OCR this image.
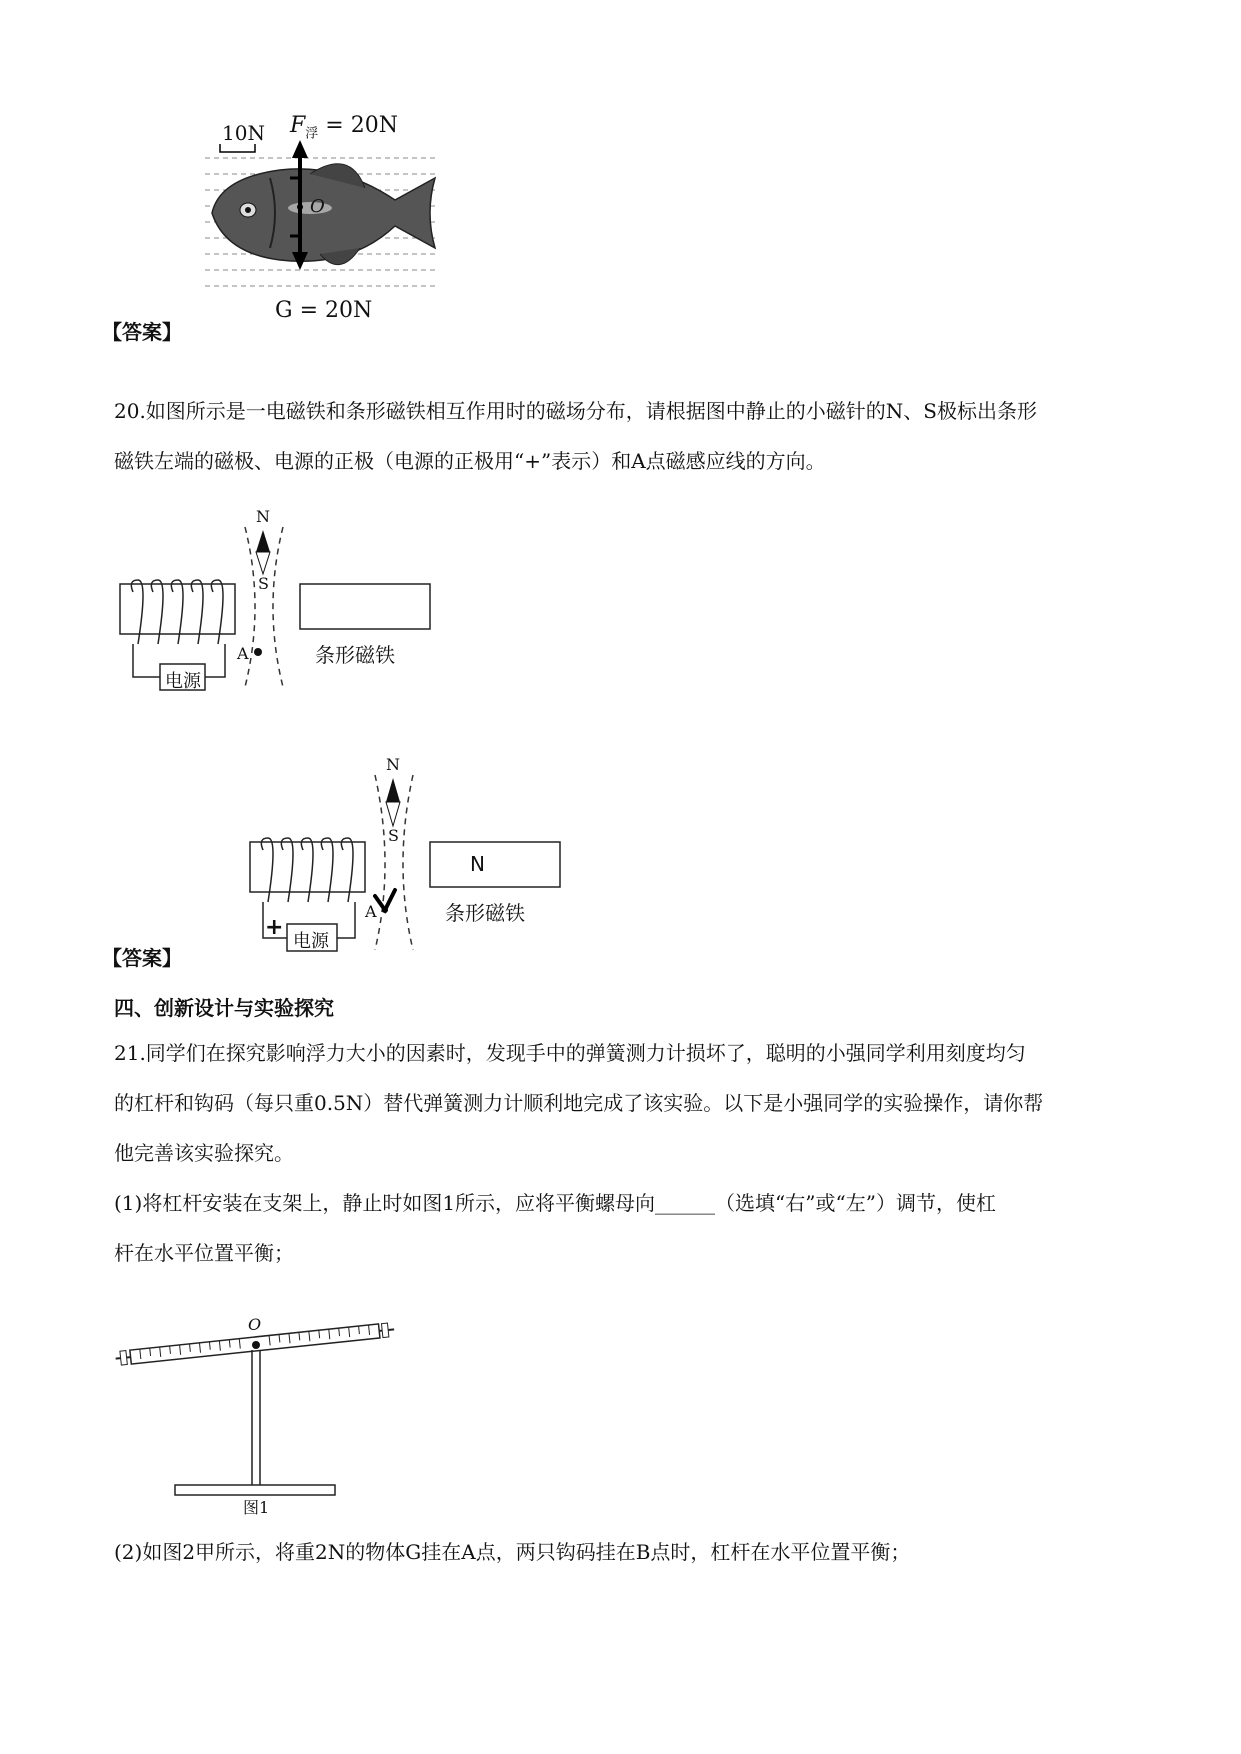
10N $F_浮 = 20N$
O
G = 20N
【答案】
20.如图所示是一电磁铁和条形磁铁相互作用时的磁场分布，请根据图中静止的小磁针的N、S极标出条形
磁铁左端的磁极、电源的正极（电源的正极用“+”表示）和A点磁感应线的方向。
N
S
A
电源
条形磁铁
N
S
A
+
电源
N
条形磁铁
【答案】
四、创新设计与实验探究
21.同学们在探究影响浮力大小的因素时，发现手中的弹簧测力计损坏了，聪明的小强同学利用刻度均匀
的杠杆和钩码（每只重0.5N）替代弹簧测力计顺利地完成了该实验。以下是小强同学的实验操作，请你帮
他完善该实验探究。
(1)将杠杆安装在支架上，静止时如图1所示，应将平衡螺母向______（选填“右”或“左”）调节，使杠
杆在水平位置平衡；
O
图1
(2)如图2甲所示，将重2N的物体G挂在A点，两只钩码挂在B点时，杠杆在水平位置平衡；
